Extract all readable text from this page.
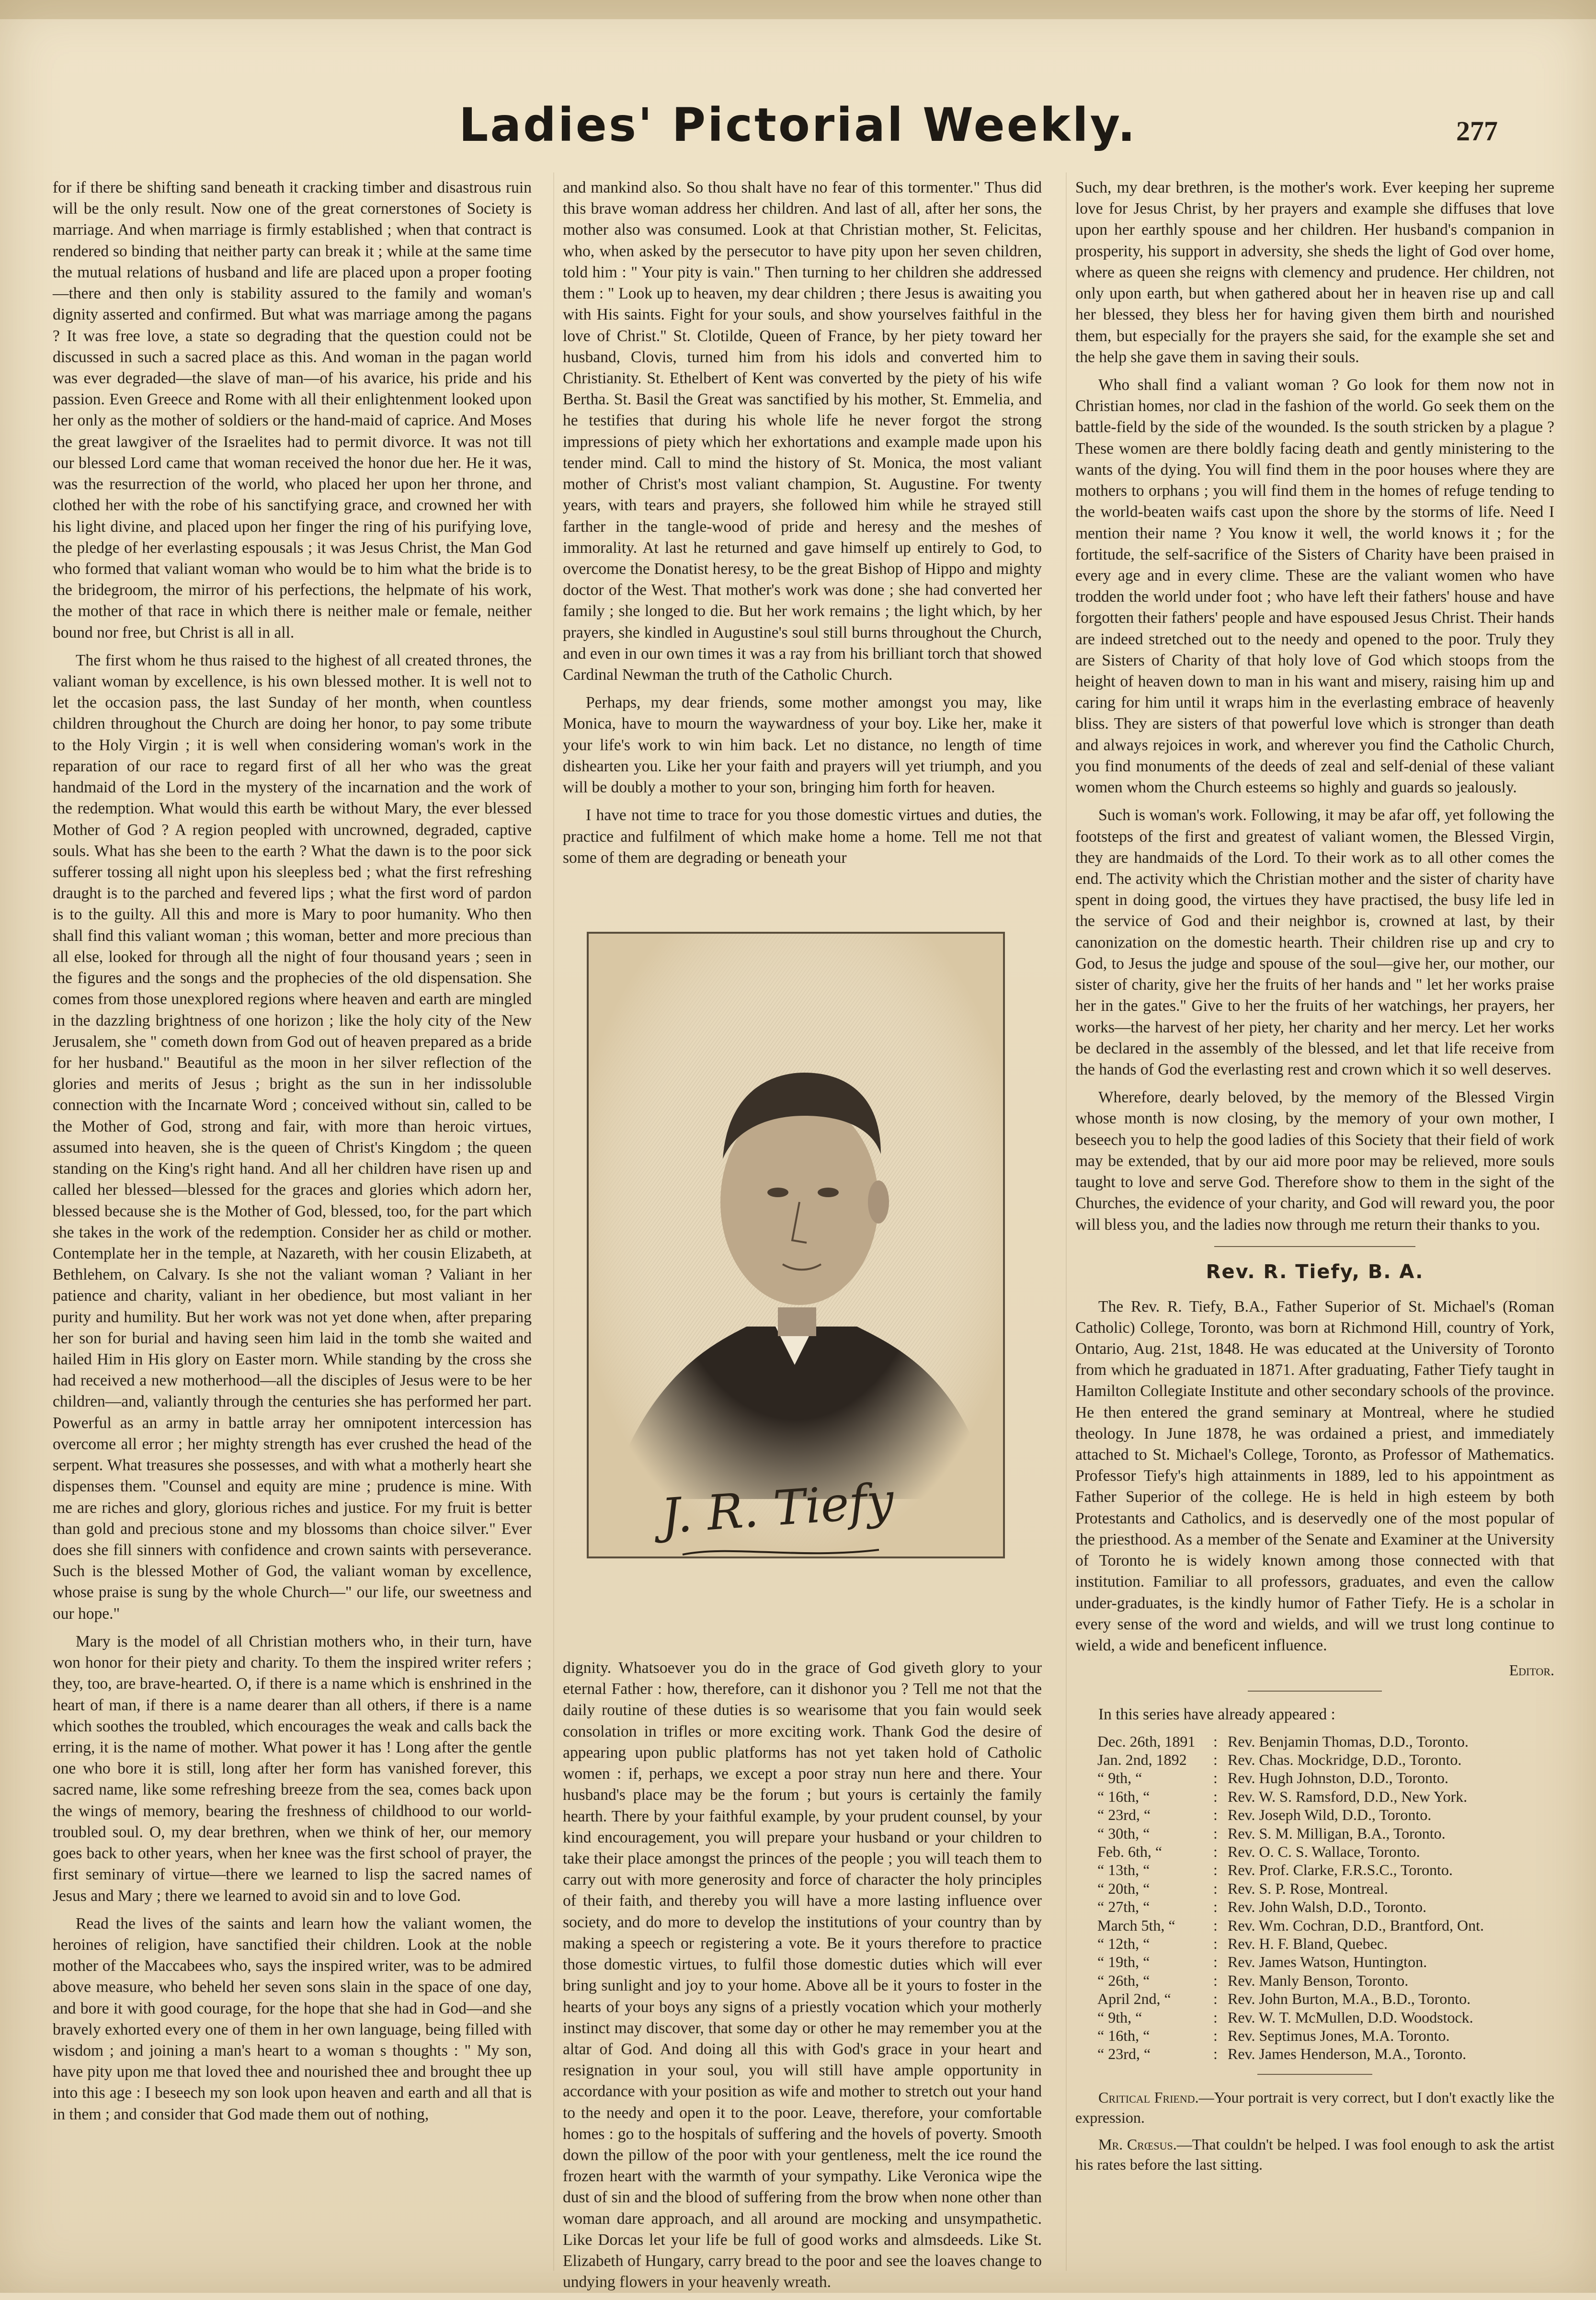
Ladies' Pictorial Weekly.	277

for if there be shifting sand beneath it cracking timber and disastrous ruin will be the only result. Now one of the great cornerstones of Society is marriage. And when marriage is firmly established ; when that contract is rendered so binding that neither party can break it ; while at the same time the mutual relations of husband and life are placed upon a proper footing—there and then only is stability assured to the family and woman's dignity asserted and confirmed. But what was marriage among the pagans ? It was free love, a state so degrading that the question could not be discussed in such a sacred place as this. And woman in the pagan world was ever degraded—the slave of man—of his avarice, his pride and his passion. Even Greece and Rome with all their enlightenment looked upon her only as the mother of soldiers or the hand-maid of caprice. And Moses the great lawgiver of the Israelites had to permit divorce. It was not till our blessed Lord came that woman received the honor due her. He it was, was the resurrection of the world, who placed her upon her throne, and clothed her with the robe of his sanctifying grace, and crowned her with his light divine, and placed upon her finger the ring of his purifying love, the pledge of her everlasting espousals ; it was Jesus Christ, the Man God who formed that valiant woman who would be to him what the bride is to the bridegroom, the mirror of his perfections, the helpmate of his work, the mother of that race in which there is neither male or female, neither bound nor free, but Christ is all in all.

The first whom he thus raised to the highest of all created thrones, the valiant woman by excellence, is his own blessed mother. It is well not to let the occasion pass, the last Sunday of her month, when countless children throughout the Church are doing her honor, to pay some tribute to the Holy Virgin ; it is well when considering woman's work in the reparation of our race to regard first of all her who was the great handmaid of the Lord in the mystery of the incarnation and the work of the redemption. What would this earth be without Mary, the ever blessed Mother of God ? A region peopled with uncrowned, degraded, captive souls. What has she been to the earth ? What the dawn is to the poor sick sufferer tossing all night upon his sleepless bed ; what the first refreshing draught is to the parched and fevered lips ; what the first word of pardon is to the guilty. All this and more is Mary to poor humanity. Who then shall find this valiant woman ; this woman, better and more precious than all else, looked for through all the night of four thousand years ; seen in the figures and the songs and the prophecies of the old dispensation. She comes from those unexplored regions where heaven and earth are mingled in the dazzling brightness of one horizon ; like the holy city of the New Jerusalem, she " cometh down from God out of heaven prepared as a bride for her husband." Beautiful as the moon in her silver reflection of the glories and merits of Jesus ; bright as the sun in her indissoluble connection with the Incarnate Word ; conceived without sin, called to be the Mother of God, strong and fair, with more than heroic virtues, assumed into heaven, she is the queen of Christ's Kingdom ; the queen standing on the King's right hand. And all her children have risen up and called her blessed—blessed for the graces and glories which adorn her, blessed because she is the Mother of God, blessed, too, for the part which she takes in the work of the redemption. Consider her as child or mother. Contemplate her in the temple, at Nazareth, with her cousin Elizabeth, at Bethlehem, on Calvary. Is she not the valiant woman ? Valiant in her patience and charity, valiant in her obedience, but most valiant in her purity and humility. But her work was not yet done when, after preparing her son for burial and having seen him laid in the tomb she waited and hailed Him in His glory on Easter morn. While standing by the cross she had received a new motherhood—all the disciples of Jesus were to be her children—and, valiantly through the centuries she has performed her part. Powerful as an army in battle array her omnipotent intercession has overcome all error ; her mighty strength has ever crushed the head of the serpent. What treasures she possesses, and with what a motherly heart she dispenses them. "Counsel and equity are mine ; prudence is mine. With me are riches and glory, glorious riches and justice. For my fruit is better than gold and precious stone and my blossoms than choice silver." Ever does she fill sinners with confidence and crown saints with perseverance. Such is the blessed Mother of God, the valiant woman by excellence, whose praise is sung by the whole Church—" our life, our sweetness and our hope."

Mary is the model of all Christian mothers who, in their turn, have won honor for their piety and charity. To them the inspired writer refers ; they, too, are brave-hearted. O, if there is a name which is enshrined in the heart of man, if there is a name dearer than all others, if there is a name which soothes the troubled, which encourages the weak and calls back the erring, it is the name of mother. What power it has ! Long after the gentle one who bore it is still, long after her form has vanished forever, this sacred name, like some refreshing breeze from the sea, comes back upon the wings of memory, bearing the freshness of childhood to our world-troubled soul. O, my dear brethren, when we think of her, our memory goes back to other years, when her knee was the first school of prayer, the first seminary of virtue—there we learned to lisp the sacred names of Jesus and Mary ; there we learned to avoid sin and to love God.

Read the lives of the saints and learn how the valiant women, the heroines of religion, have sanctified their children. Look at the noble mother of the Maccabees who, says the inspired writer, was to be admired above measure, who beheld her seven sons slain in the space of one day, and bore it with good courage, for the hope that she had in God—and she bravely exhorted every one of them in her own language, being filled with wisdom ; and joining a man's heart to a woman s thoughts : " My son, have pity upon me that loved thee and nourished thee and brought thee up into this age : I beseech my son look upon heaven and earth and all that is in them ; and consider that God made them out of nothing,

and mankind also. So thou shalt have no fear of this tormenter." Thus did this brave woman address her children. And last of all, after her sons, the mother also was consumed. Look at that Christian mother, St. Felicitas, who, when asked by the persecutor to have pity upon her seven children, told him : " Your pity is vain." Then turning to her children she addressed them : " Look up to heaven, my dear children ; there Jesus is awaiting you with His saints. Fight for your souls, and show yourselves faithful in the love of Christ." St. Clotilde, Queen of France, by her piety toward her husband, Clovis, turned him from his idols and converted him to Christianity. St. Ethelbert of Kent was converted by the piety of his wife Bertha. St. Basil the Great was sanctified by his mother, St. Emmelia, and he testifies that during his whole life he never forgot the strong impressions of piety which her exhortations and example made upon his tender mind. Call to mind the history of St. Monica, the most valiant mother of Christ's most valiant champion, St. Augustine. For twenty years, with tears and prayers, she followed him while he strayed still farther in the tangle-wood of pride and heresy and the meshes of immorality. At last he returned and gave himself up entirely to God, to overcome the Donatist heresy, to be the great Bishop of Hippo and mighty doctor of the West. That mother's work was done ; she had converted her family ; she longed to die. But her work remains ; the light which, by her prayers, she kindled in Augustine's soul still burns throughout the Church, and even in our own times it was a ray from his brilliant torch that showed Cardinal Newman the truth of the Catholic Church.

Perhaps, my dear friends, some mother amongst you may, like Monica, have to mourn the waywardness of your boy. Like her, make it your life's work to win him back. Let no distance, no length of time dishearten you. Like her your faith and prayers will yet triumph, and you will be doubly a mother to your son, bringing him forth for heaven.

I have not time to trace for you those domestic virtues and duties, the practice and fulfilment of which make home a home. Tell me not that some of them are degrading or beneath your

J. R. Tiefy

dignity. Whatsoever you do in the grace of God giveth glory to your eternal Father : how, therefore, can it dishonor you ? Tell me not that the daily routine of these duties is so wearisome that you fain would seek consolation in trifles or more exciting work. Thank God the desire of appearing upon public platforms has not yet taken hold of Catholic women : if, perhaps, we except a poor stray nun here and there. Your husband's place may be the forum ; but yours is certainly the family hearth. There by your faithful example, by your prudent counsel, by your kind encouragement, you will prepare your husband or your children to take their place amongst the princes of the people ; you will teach them to carry out with more generosity and force of character the holy principles of their faith, and thereby you will have a more lasting influence over society, and do more to develop the institutions of your country than by making a speech or registering a vote. Be it yours therefore to practice those domestic virtues, to fulfil those domestic duties which will ever bring sunlight and joy to your home. Above all be it yours to foster in the hearts of your boys any signs of a priestly vocation which your motherly instinct may discover, that some day or other he may remember you at the altar of God. And doing all this with God's grace in your heart and resignation in your soul, you will still have ample opportunity in accordance with your position as wife and mother to stretch out your hand to the needy and open it to the poor. Leave, therefore, your comfortable homes : go to the hospitals of suffering and the hovels of poverty. Smooth down the pillow of the poor with your gentleness, melt the ice round the frozen heart with the warmth of your sympathy. Like Veronica wipe the dust of sin and the blood of suffering from the brow when none other than woman dare approach, and all around are mocking and unsympathetic. Like Dorcas let your life be full of good works and almsdeeds. Like St. Elizabeth of Hungary, carry bread to the poor and see the loaves change to undying flowers in your heavenly wreath.

Such, my dear brethren, is the mother's work. Ever keeping her supreme love for Jesus Christ, by her prayers and example she diffuses that love upon her earthly spouse and her children. Her husband's companion in prosperity, his support in adversity, she sheds the light of God over home, where as queen she reigns with clemency and prudence. Her children, not only upon earth, but when gathered about her in heaven rise up and call her blessed, they bless her for having given them birth and nourished them, but especially for the prayers she said, for the example she set and the help she gave them in saving their souls.

Who shall find a valiant woman ? Go look for them now not in Christian homes, nor clad in the fashion of the world. Go seek them on the battle-field by the side of the wounded. Is the south stricken by a plague ? These women are there boldly facing death and gently ministering to the wants of the dying. You will find them in the poor houses where they are mothers to orphans ; you will find them in the homes of refuge tending to the world-beaten waifs cast upon the shore by the storms of life. Need I mention their name ? You know it well, the world knows it ; for the fortitude, the self-sacrifice of the Sisters of Charity have been praised in every age and in every clime. These are the valiant women who have trodden the world under foot ; who have left their fathers' house and have forgotten their fathers' people and have espoused Jesus Christ. Their hands are indeed stretched out to the needy and opened to the poor. Truly they are Sisters of Charity of that holy love of God which stoops from the height of heaven down to man in his want and misery, raising him up and caring for him until it wraps him in the everlasting embrace of heavenly bliss. They are sisters of that powerful love which is stronger than death and always rejoices in work, and wherever you find the Catholic Church, you find monuments of the deeds of zeal and self-denial of these valiant women whom the Church esteems so highly and guards so jealously.

Such is woman's work. Following, it may be afar off, yet following the footsteps of the first and greatest of valiant women, the Blessed Virgin, they are handmaids of the Lord. To their work as to all other comes the end. The activity which the Christian mother and the sister of charity have spent in doing good, the virtues they have practised, the busy life led in the service of God and their neighbor is, crowned at last, by their canonization on the domestic hearth. Their children rise up and cry to God, to Jesus the judge and spouse of the soul—give her, our mother, our sister of charity, give her the fruits of her hands and " let her works praise her in the gates." Give to her the fruits of her watchings, her prayers, her works—the harvest of her piety, her charity and her mercy. Let her works be declared in the assembly of the blessed, and let that life receive from the hands of God the everlasting rest and crown which it so well deserves.

Wherefore, dearly beloved, by the memory of the Blessed Virgin whose month is now closing, by the memory of your own mother, I beseech you to help the good ladies of this Society that their field of work may be extended, that by our aid more poor may be relieved, more souls taught to love and serve God. Therefore show to them in the sight of the Churches, the evidence of your charity, and God will reward you, the poor will bless you, and the ladies now through me return their thanks to you.

Rev. R. Tiefy, B. A.

The Rev. R. Tiefy, B.A., Father Superior of St. Michael's (Roman Catholic) College, Toronto, was born at Richmond Hill, country of York, Ontario, Aug. 21st, 1848. He was educated at the University of Toronto from which he graduated in 1871. After graduating, Father Tiefy taught in Hamilton Collegiate Institute and other secondary schools of the province. He then entered the grand seminary at Montreal, where he studied theology. In June 1878, he was ordained a priest, and immediately attached to St. Michael's College, Toronto, as Professor of Mathematics. Professor Tiefy's high attainments in 1889, led to his appointment as Father Superior of the college. He is held in high esteem by both Protestants and Catholics, and is deservedly one of the most popular of the priesthood. As a member of the Senate and Examiner at the University of Toronto he is widely known among those connected with that institution. Familiar to all professors, graduates, and even the callow under-graduates, is the kindly humor of Father Tiefy. He is a scholar in every sense of the word and wields, and will we trust long continue to wield, a wide and beneficent influence.

Editor.

In this series have already appeared :

Dec. 26th, 1891	:	Rev. Benjamin Thomas, D.D., Toronto.
Jan. 2nd, 1892	:	Rev. Chas. Mockridge, D.D., Toronto.
“ 9th, “	:	Rev. Hugh Johnston, D.D., Toronto.
“ 16th, “	:	Rev. W. S. Ramsford, D.D., New York.
“ 23rd, “	:	Rev. Joseph Wild, D.D., Toronto.
“ 30th, “	:	Rev. S. M. Milligan, B.A., Toronto.
Feb. 6th, “	:	Rev. O. C. S. Wallace, Toronto.
“ 13th, “	:	Rev. Prof. Clarke, F.R.S.C., Toronto.
“ 20th, “	:	Rev. S. P. Rose, Montreal.
“ 27th, “	:	Rev. John Walsh, D.D., Toronto.
March 5th, “	:	Rev. Wm. Cochran, D.D., Brantford, Ont.
“ 12th, “	:	Rev. H. F. Bland, Quebec.
“ 19th, “	:	Rev. James Watson, Huntington.
“ 26th, “	:	Rev. Manly Benson, Toronto.
April 2nd, “	:	Rev. John Burton, M.A., B.D., Toronto.
“ 9th, “	:	Rev. W. T. McMullen, D.D. Woodstock.
“ 16th, “	:	Rev. Septimus Jones, M.A. Toronto.
“ 23rd, “	:	Rev. James Henderson, M.A., Toronto.

Critical Friend.—Your portrait is very correct, but I don't exactly like the expression.

Mr. Crœsus.—That couldn't be helped. I was fool enough to ask the artist his rates before the last sitting.
